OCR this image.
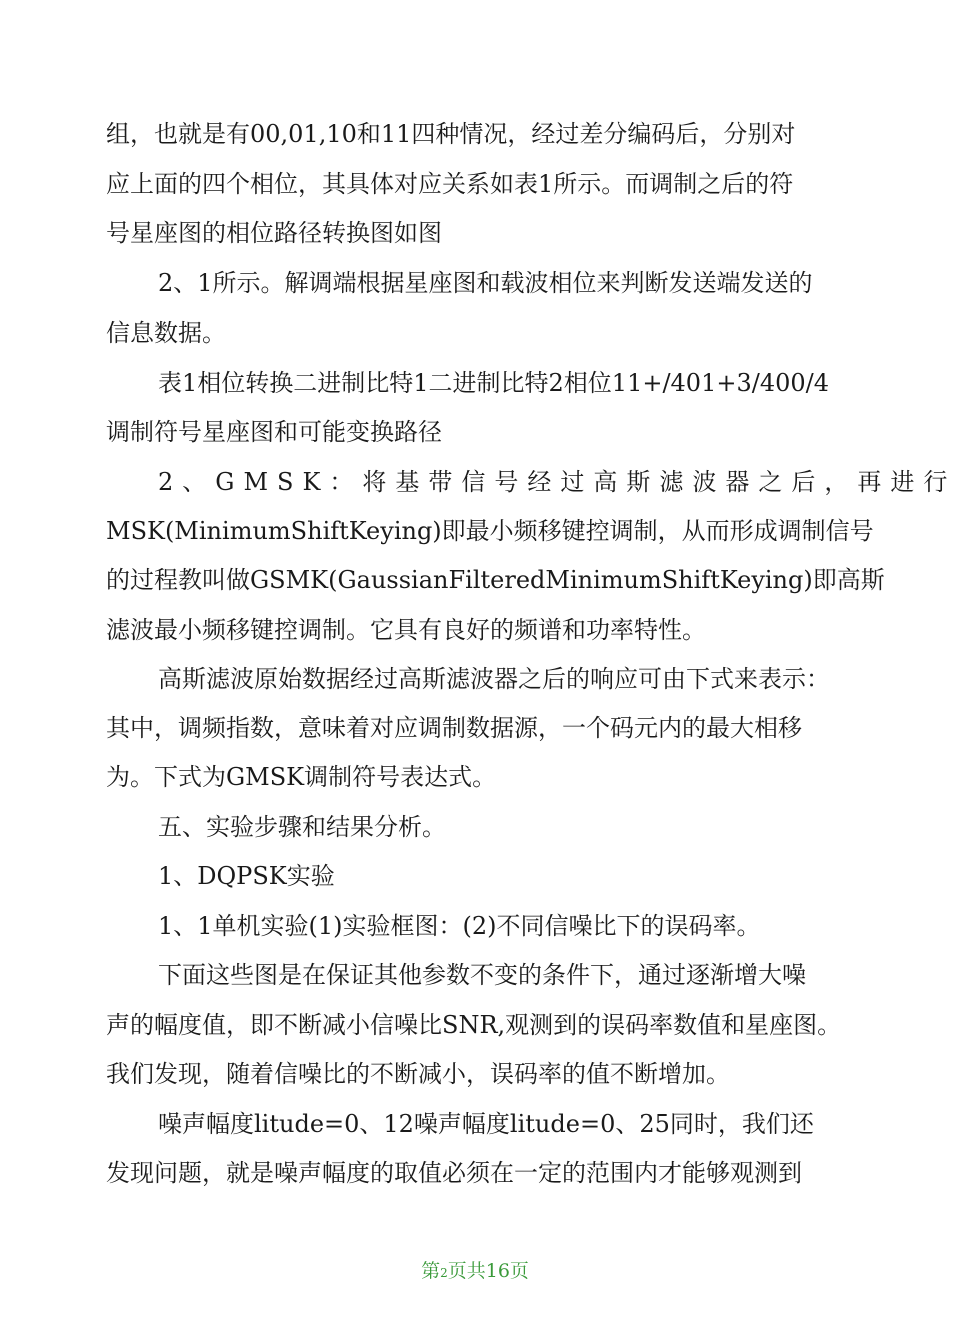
组，也就是有00,01,10和11四种情况，经过差分编码后，分别对
应上面的四个相位，其具体对应关系如表1所示。而调制之后的符
号星座图的相位路径转换图如图
2、1所示。解调端根据星座图和载波相位来判断发送端发送的
信息数据。
表1相位转换二进制比特1二进制比特2相位11+/401+3/400/4
调制符号星座图和可能变换路径
2、GMSK：将基带信号经过高斯滤波器之后，再进行
MSK(MinimumShiftKeying)即最小频移键控调制，从而形成调制信号
的过程教叫做GSMK(GaussianFilteredMinimumShiftKeying)即高斯
滤波最小频移键控调制。它具有良好的频谱和功率特性。
高斯滤波原始数据经过高斯滤波器之后的响应可由下式来表示：
其中，调频指数，意味着对应调制数据源，一个码元内的最大相移
为。下式为GMSK调制符号表达式。
五、实验步骤和结果分析。
1、DQPSK实验
1、1单机实验(1)实验框图：(2)不同信噪比下的误码率。
下面这些图是在保证其他参数不变的条件下，通过逐渐增大噪
声的幅度值，即不断减小信噪比SNR,观测到的误码率数值和星座图。
我们发现，随着信噪比的不断减小，误码率的值不断增加。
噪声幅度litude=0、12噪声幅度litude=0、25同时，我们还
发现问题，就是噪声幅度的取值必须在一定的范围内才能够观测到
第2页共16页
